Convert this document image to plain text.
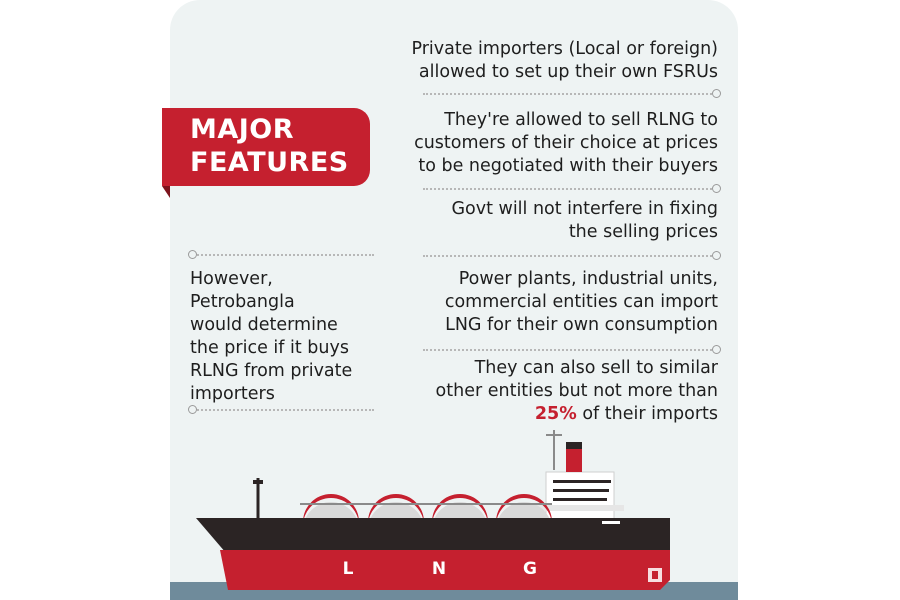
Private importers (Local or foreign)
allowed to set up their own FSRUs
They're allowed to sell RLNG to
customers of their choice at prices
to be negotiated with their buyers
Govt will not interfere in fixing
the selling prices
Power plants, industrial units,
commercial entities can import
LNG for their own consumption
They can also sell to similar
other entities but not more than
25% of their imports
MAJOR
FEATURES
However,
Petrobangla
would determine
the price if it buys
RLNG from private
importers
L	N	G
